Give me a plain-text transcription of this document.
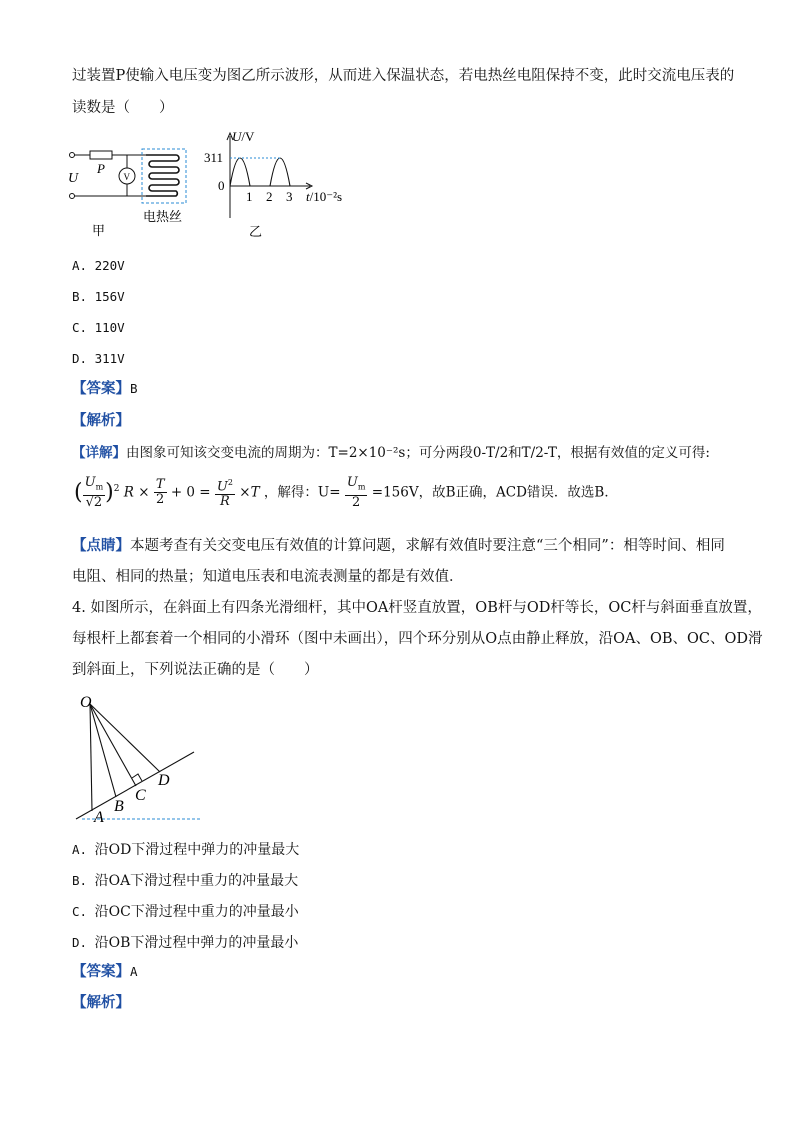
过装置P使输入电压变为图乙所示波形，从而进入保温状态，若电热丝电阻保持不变，此时交流电压表的
读数是（　　）
U
P
V
电热丝
甲
U/V
311
0
1 2 3 t/10⁻²s
乙
A. 220V
B. 156V
C. 110V
D. 311V
【答案】B
【解析】
【详解】由图象可知该交变电流的周期为：T=2×10⁻²s；可分两段0-T/2和T/2-T，根据有效值的定义可得:
( $\frac{U_m}{√2} )^2$ $R \times \frac{T}{2} + 0 = \frac{U^2}{R} \times T$ ，解得：$U= \frac{U_m}{2} =156V$，故B正确，ACD错误．故选B．
【点睛】本题考查有关交变电压有效值的计算问题，求解有效值时要注意“三个相同”：相等时间、相同
电阻、相同的热量；知道电压表和电流表测量的都是有效值．
4. 如图所示，在斜面上有四条光滑细杆，其中OA杆竖直放置，OB杆与OD杆等长，OC杆与斜面垂直放置，
每根杆上都套着一个相同的小滑环（图中未画出），四个环分别从O点由静止释放，沿OA、OB、OC、OD滑
到斜面上，下列说法正确的是（　　）
O
A
B
C
D
A. 沿OD下滑过程中弹力的冲量最大
B. 沿OA下滑过程中重力的冲量最大
C. 沿OC下滑过程中重力的冲量最小
D. 沿OB下滑过程中弹力的冲量最小
【答案】A
【解析】
